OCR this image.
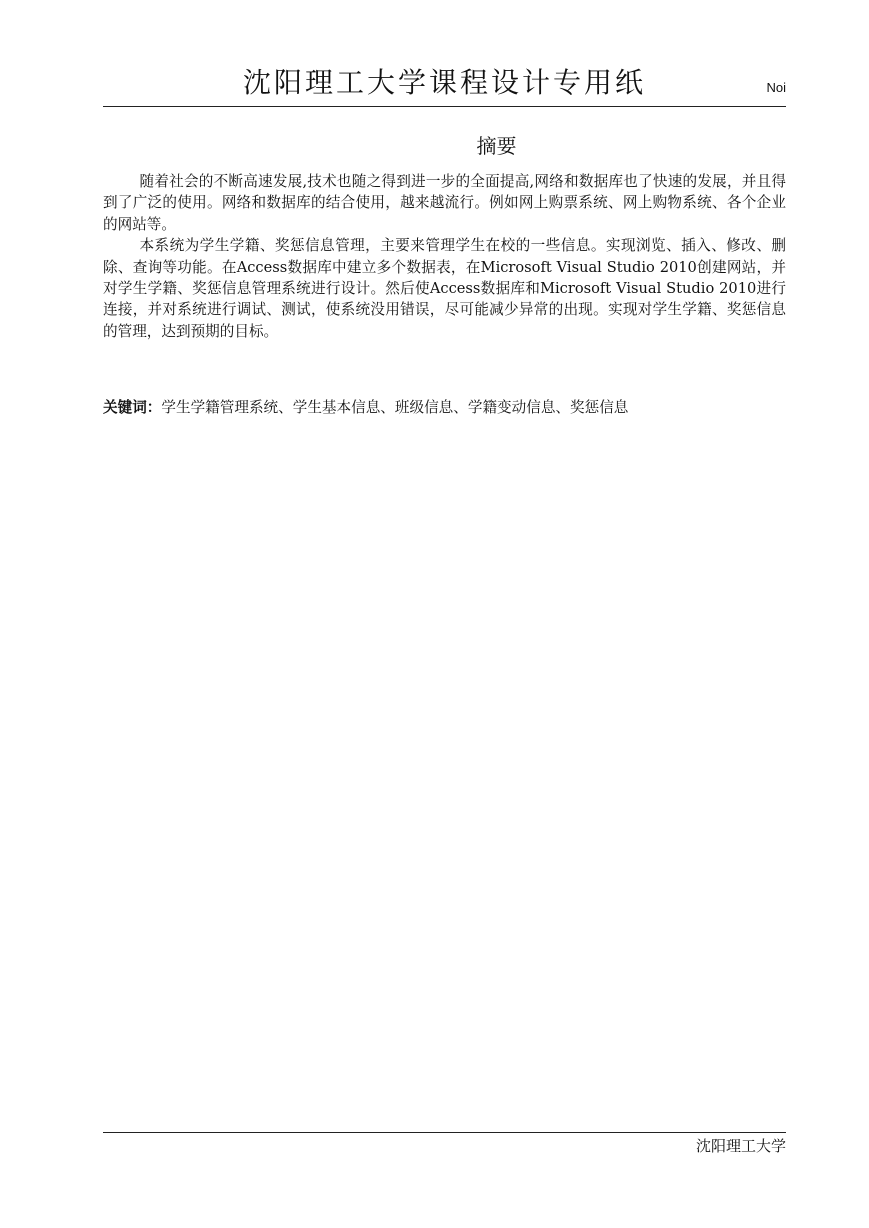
沈阳理工大学课程设计专用纸	Noi
摘要

随着社会的不断高速发展,技术也随之得到进一步的全面提高,网络和数据库也了快速的发展，并且得到了广泛的使用。网络和数据库的结合使用，越来越流行。例如网上购票系统、网上购物系统、各个企业的网站等。

本系统为学生学籍、奖惩信息管理，主要来管理学生在校的一些信息。实现浏览、插入、修改、删除、查询等功能。在Access数据库中建立多个数据表，在Microsoft Visual Studio 2010创建网站，并对学生学籍、奖惩信息管理系统进行设计。然后使Access数据库和Microsoft Visual Studio 2010进行连接，并对系统进行调试、测试，使系统没用错误，尽可能减少异常的出现。实现对学生学籍、奖惩信息的管理，达到预期的目标。

关键词：学生学籍管理系统、学生基本信息、班级信息、学籍变动信息、奖惩信息
沈阳理工大学
